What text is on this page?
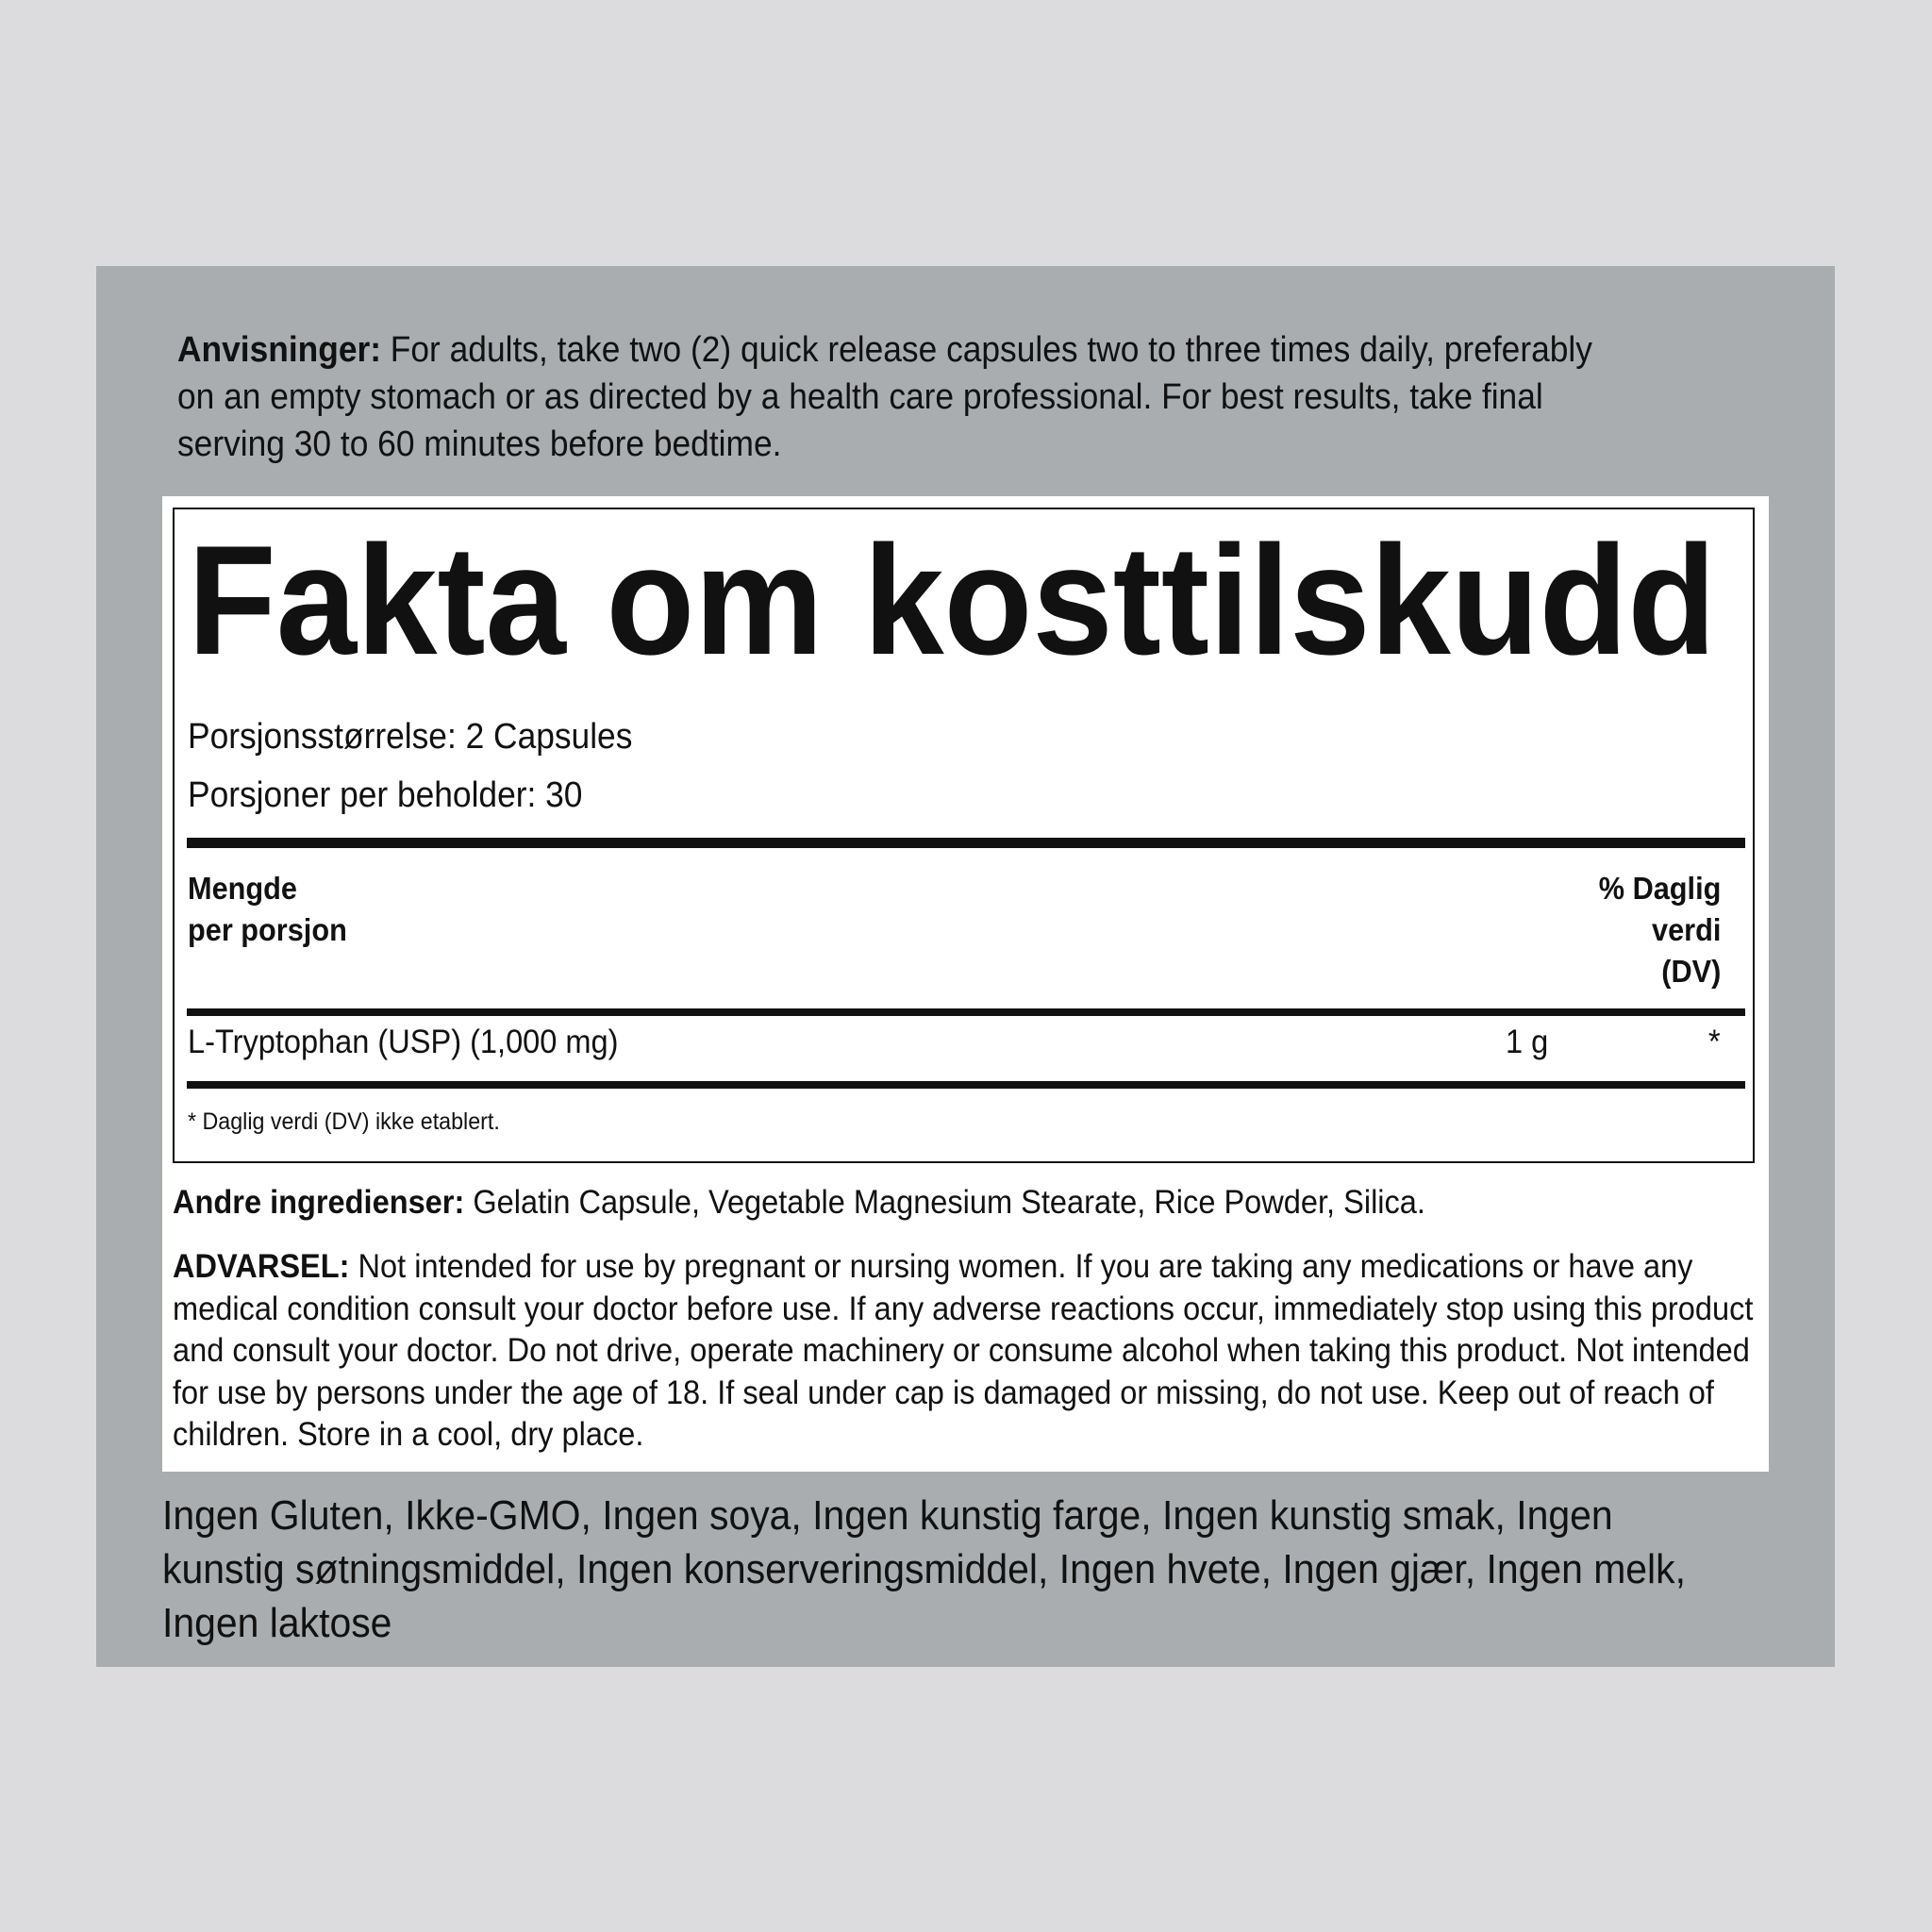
Anvisninger: For adults, take two (2) quick release capsules two to three times daily, preferably on an empty stomach or as directed by a health care professional. For best results, take final serving 30 to 60 minutes before bedtime.
Fakta om kosttilskudd
Porsjonsstørrelse: 2 Capsules
Porsjoner per beholder: 30
Mengde
per porsjon
% Daglig
verdi
(DV)
L-Tryptophan (USP) (1,000 mg)	1 g	*
* Daglig verdi (DV) ikke etablert.
Andre ingredienser: Gelatin Capsule, Vegetable Magnesium Stearate, Rice Powder, Silica.
ADVARSEL: Not intended for use by pregnant or nursing women. If you are taking any medications or have any medical condition consult your doctor before use. If any adverse reactions occur, immediately stop using this product and consult your doctor. Do not drive, operate machinery or consume alcohol when taking this product. Not intended for use by persons under the age of 18. If seal under cap is damaged or missing, do not use. Keep out of reach of children. Store in a cool, dry place.
Ingen Gluten, Ikke-GMO, Ingen soya, Ingen kunstig farge, Ingen kunstig smak, Ingen kunstig søtningsmiddel, Ingen konserveringsmiddel, Ingen hvete, Ingen gjær, Ingen melk, Ingen laktose
